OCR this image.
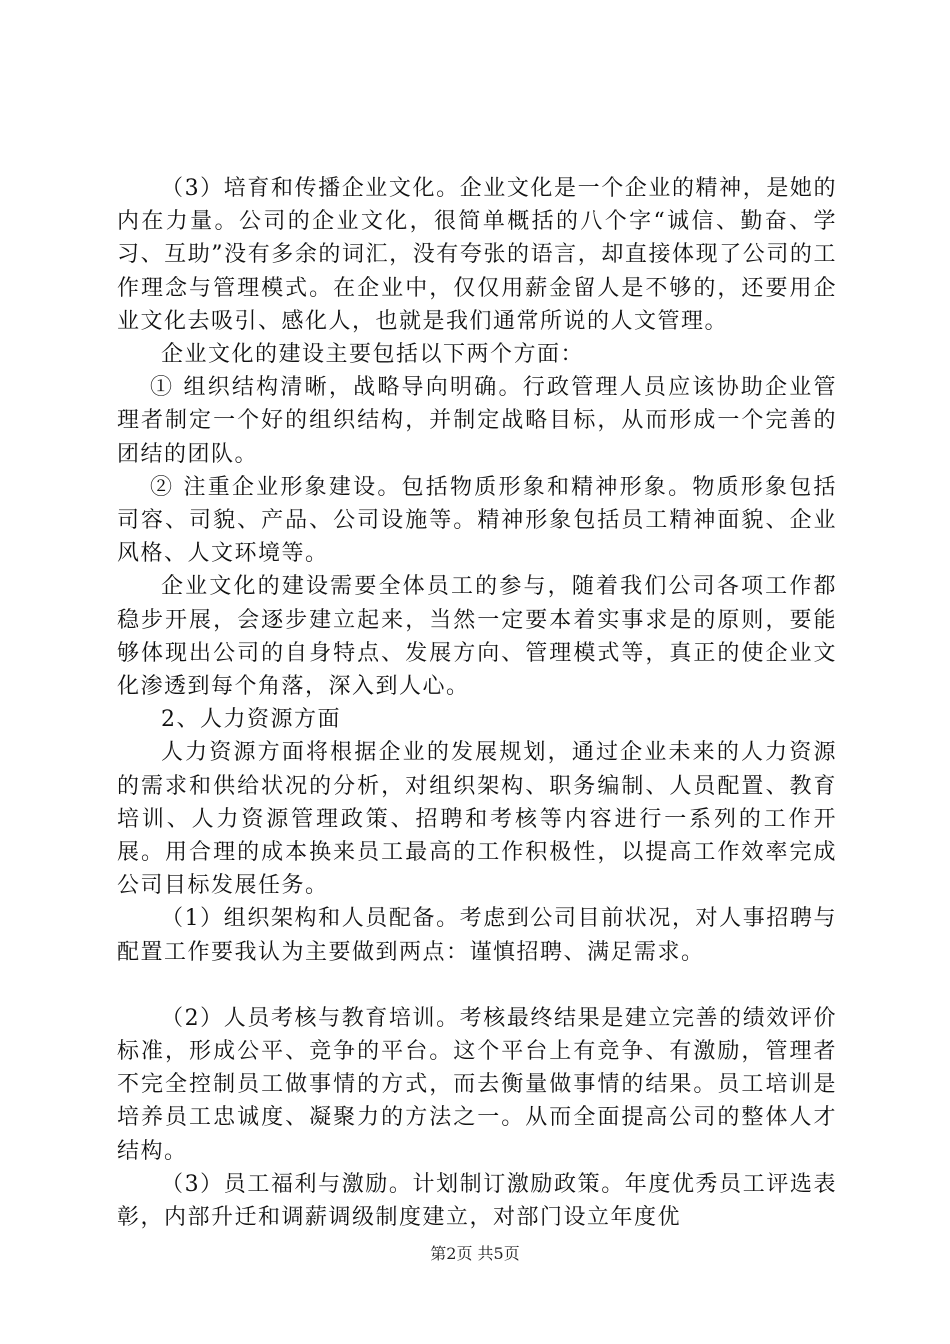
（3）培育和传播企业文化。企业文化是一个企业的精神，是她的内在力量。公司的企业文化，很简单概括的八个字“诚信、勤奋、学习、互助”没有多余的词汇，没有夸张的语言，却直接体现了公司的工作理念与管理模式。在企业中，仅仅用薪金留人是不够的，还要用企业文化去吸引、感化人，也就是我们通常所说的人文管理。

企业文化的建设主要包括以下两个方面：

① 组织结构清晰，战略导向明确。行政管理人员应该协助企业管理者制定一个好的组织结构，并制定战略目标，从而形成一个完善的团结的团队。

② 注重企业形象建设。包括物质形象和精神形象。物质形象包括司容、司貌、产品、公司设施等。精神形象包括员工精神面貌、企业风格、人文环境等。

企业文化的建设需要全体员工的参与，随着我们公司各项工作都稳步开展，会逐步建立起来，当然一定要本着实事求是的原则，要能够体现出公司的自身特点、发展方向、管理模式等，真正的使企业文化渗透到每个角落，深入到人心。

2、人力资源方面

人力资源方面将根据企业的发展规划，通过企业未来的人力资源的需求和供给状况的分析，对组织架构、职务编制、人员配置、教育培训、人力资源管理政策、招聘和考核等内容进行一系列的工作开展。用合理的成本换来员工最高的工作积极性，以提高工作效率完成公司目标发展任务。

（1）组织架构和人员配备。考虑到公司目前状况，对人事招聘与配置工作要我认为主要做到两点：谨慎招聘、满足需求。

（2）人员考核与教育培训。考核最终结果是建立完善的绩效评价标准，形成公平、竞争的平台。这个平台上有竞争、有激励，管理者不完全控制员工做事情的方式，而去衡量做事情的结果。员工培训是培养员工忠诚度、凝聚力的方法之一。从而全面提高公司的整体人才结构。

（3）员工福利与激励。计划制订激励政策。年度优秀员工评选表彰，内部升迁和调薪调级制度建立，对部门设立年度优

第2页 共5页
